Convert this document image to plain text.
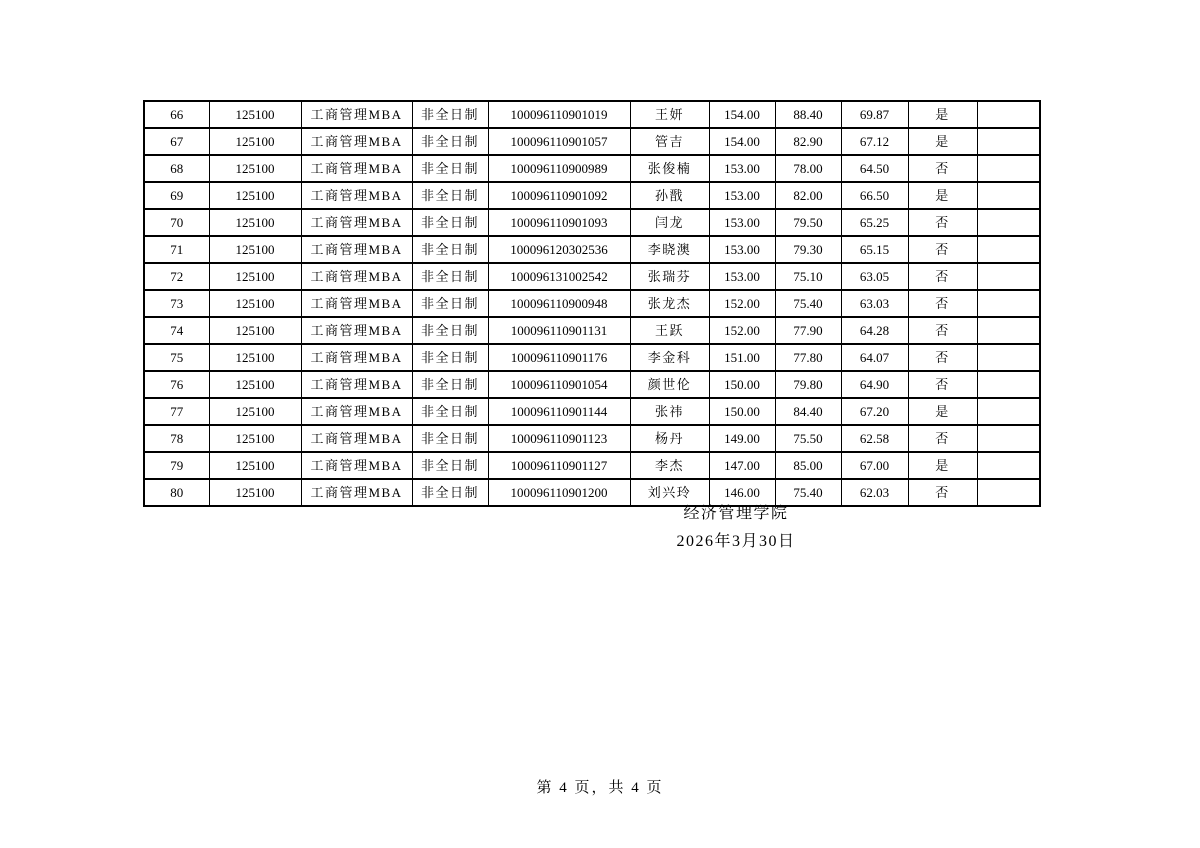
66	125100	工商管理MBA	非全日制	100096110901019	王妍	154.00	88.40	69.87	是	
67	125100	工商管理MBA	非全日制	100096110901057	管吉	154.00	82.90	67.12	是	
68	125100	工商管理MBA	非全日制	100096110900989	张俊楠	153.00	78.00	64.50	否	
69	125100	工商管理MBA	非全日制	100096110901092	孙戬	153.00	82.00	66.50	是	
70	125100	工商管理MBA	非全日制	100096110901093	闫龙	153.00	79.50	65.25	否	
71	125100	工商管理MBA	非全日制	100096120302536	李晓澳	153.00	79.30	65.15	否	
72	125100	工商管理MBA	非全日制	100096131002542	张瑞芬	153.00	75.10	63.05	否	
73	125100	工商管理MBA	非全日制	100096110900948	张龙杰	152.00	75.40	63.03	否	
74	125100	工商管理MBA	非全日制	100096110901131	王跃	152.00	77.90	64.28	否	
75	125100	工商管理MBA	非全日制	100096110901176	李金科	151.00	77.80	64.07	否	
76	125100	工商管理MBA	非全日制	100096110901054	颜世伦	150.00	79.80	64.90	否	
77	125100	工商管理MBA	非全日制	100096110901144	张祎	150.00	84.40	67.20	是	
78	125100	工商管理MBA	非全日制	100096110901123	杨丹	149.00	75.50	62.58	否	
79	125100	工商管理MBA	非全日制	100096110901127	李杰	147.00	85.00	67.00	是	
80	125100	工商管理MBA	非全日制	100096110901200	刘兴玲	146.00	75.40	62.03	否	
经济管理学院
2026年3月30日
第 4 页，共 4 页
